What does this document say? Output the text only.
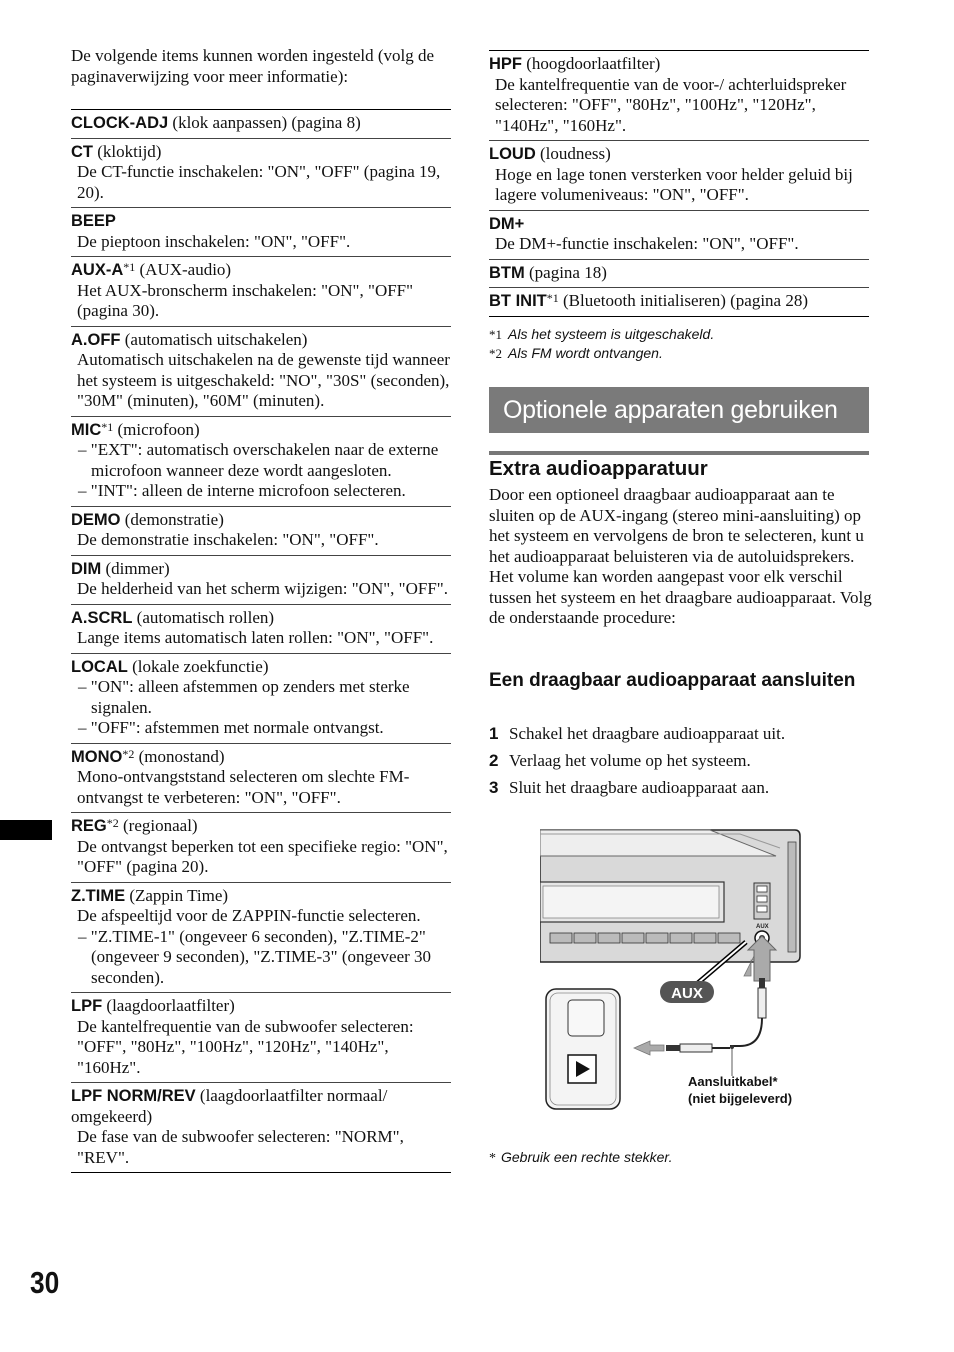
De volgende items kunnen worden ingesteld (volg de paginaverwijzing voor meer informatie):
CLOCK-ADJ (klok aanpassen) (pagina 8)
CT (kloktijd)
De CT-functie inschakelen: "ON", "OFF" (pagina 19, 20).
BEEP
De pieptoon inschakelen: "ON", "OFF".
AUX-$A^{*1}$ (AUX-audio)
Het AUX-bronscherm inschakelen: "ON", "OFF" (pagina 30).
A.OFF (automatisch uitschakelen)
Automatisch uitschakelen na de gewenste tijd wanneer het systeem is uitgeschakeld: "NO", "30S" (seconden), "30M" (minuten), "60M" (minuten).
MIC$^{*1}$ (microfoon)
– "EXT": automatisch overschakelen naar de externe microfoon wanneer deze wordt aangesloten.
– "INT": alleen de interne microfoon selecteren.
DEMO (demonstratie)
De demonstratie inschakelen: "ON", "OFF".
DIM (dimmer)
De helderheid van het scherm wijzigen: "ON", "OFF".
A.SCRL (automatisch rollen)
Lange items automatisch laten rollen: "ON", "OFF".
LOCAL (lokale zoekfunctie)
– "ON": alleen afstemmen op zenders met sterke signalen.
– "OFF": afstemmen met normale ontvangst.
MONO$^{*2}$ (monostand)
Mono-ontvangststand selecteren om slechte FM-ontvangst te verbeteren: "ON", "OFF".
REG$^{*2}$ (regionaal)
De ontvangst beperken tot een specifieke regio: "ON", "OFF" (pagina 20).
Z.TIME (Zappin Time)
De afspeeltijd voor de ZAPPIN-functie selecteren.
– "Z.TIME-1" (ongeveer 6 seconden), "Z.TIME-2" (ongeveer 9 seconden), "Z.TIME-3" (ongeveer 30 seconden).
LPF (laagdoorlaatfilter)
De kantelfrequentie van de subwoofer selecteren: "OFF", "80Hz", "100Hz", "120Hz", "140Hz", "160Hz".
LPF NORM/REV (laagdoorlaatfilter normaal/ omgekeerd)
De fase van de subwoofer selecteren: "NORM", "REV".
HPF (hoogdoorlaatfilter)
De kantelfrequentie van de voor-/ achterluidspreker selecteren: "OFF", "80Hz", "100Hz", "120Hz", "140Hz", "160Hz".
LOUD (loudness)
Hoge en lage tonen versterken voor helder geluid bij lagere volumeniveaus: "ON", "OFF".
DM+
De DM+-functie inschakelen: "ON", "OFF".
BTM (pagina 18)
BT INIT$^{*1}$ (Bluetooth initialiseren) (pagina 28)
*1 Als het systeem is uitgeschakeld.
*2 Als FM wordt ontvangen.
Optionele apparaten gebruiken
Extra audioapparatuur
Door een optioneel draagbaar audioapparaat aan te sluiten op de AUX-ingang (stereo mini-aansluiting) op het systeem en vervolgens de bron te selecteren, kunt u het audioapparaat beluisteren via de autoluidsprekers. Het volume kan worden aangepast voor elk verschil tussen het systeem en het draagbare audioapparaat. Volg de onderstaande procedure:
Een draagbaar audioapparaat aansluiten
1 Schakel het draagbare audioapparaat uit.
2 Verlaag het volume op het systeem.
3 Sluit het draagbare audioapparaat aan.
AUX
AUX
Aansluitkabel*
(niet bijgeleverd)
* Gebruik een rechte stekker.
30
